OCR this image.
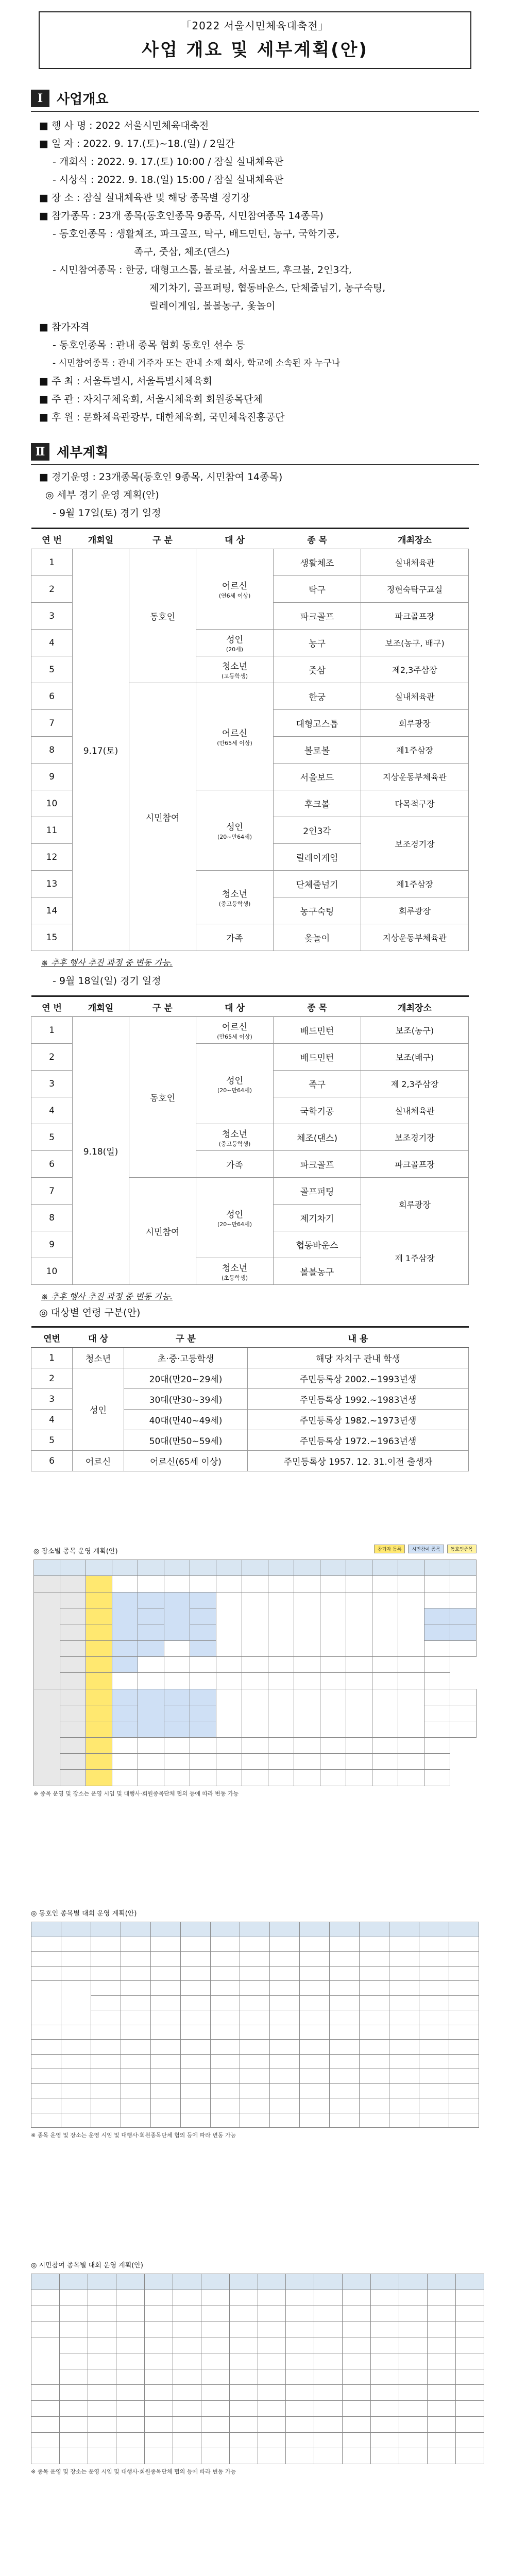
「2022 서울시민체육대축전」
사업 개요 및 세부계획(안)
Ⅰ	사업개요
■ 행 사 명 : 2022 서울시민체육대축전
■ 일 자 : 2022. 9. 17.(토)~18.(일) / 2일간
- 개회식 : 2022. 9. 17.(토) 10:00 / 잠실 실내체육관
- 시상식 : 2022. 9. 18.(일) 15:00 / 잠실 실내체육관
■ 장 소 : 잠실 실내체육관 및 해당 종목별 경기장
■ 참가종목 : 23개 종목(동호인종목 9종목, 시민참여종목 14종목)
- 동호인종목 : 생활체조, 파크골프, 탁구, 배드민턴, 농구, 국학기공,
족구, 줏삼, 체조(댄스)
- 시민참여종목 : 한궁, 대형고스톱, 볼로볼, 서울보드, 후크볼, 2인3각,
제기차기, 골프퍼팅, 협동바운스, 단체줄넘기, 농구숙팅,
릴레이게임, 볼볼농구, 옻놀이
■ 참가자격
- 동호인종목 : 관내 종목 협회 동호인 선수 등
- 시민참여종목 : 관내 거주자 또는 관내 소재 회사, 학교에 소속된 자 누구나
■ 주 최 : 서울특별시, 서울특별시체육회
■ 주 관 : 자치구체육회, 서울시체육회 회원종목단체
■ 후 원 : 문화체육관광부, 대한체육회, 국민체육진흥공단
Ⅱ 세부계획
■ 경기운영 : 23개종목(동호인 9종목, 시민참여 14종목)
◎ 세부 경기 운영 계획(안)
- 9월 17일(토) 경기 일정
연 번	개회일	구 분	대 상	종 목	개최장소
1	9.17(토)	동호인	어르신
(연6세 이상)	생활체조	실내체육관
2				탁구	정현숙탁구교실
3				파크골프	파크골프장
4			성인
(20세)	농구	보조(농구, 배구)
5			청소년
(고등학생)	줏삼	제2,3주삼장
6		시민참여	어르신
(만65세 이상)	한궁	실내체육관
7				대형고스톱	회루광장
8				볼로볼	제1주삼장
9				서울보드	지상운동부체육관
10			성인
(20~만64세)	후크볼	다목적구장
11				2인3각	보조경기장
12				릴레이게임	
13			청소년
(중고등학생)	단체줄넘기	제1주삼장
14				농구숙팅	회루광장
15			가족	옻놀이	지상운동부체육관
※ 추후 행사 추진 과정 중 변동 가능.
- 9월 18일(일) 경기 일정
연 번	개회일	구 분	대 상	종 목	개최장소
1	9.18(일)	동호인	어르신
(만65세 이상)	배드민턴	보조(농구)
2			성인
(20~만64세)	배드민턴	보조(배구)
3				족구	제 2,3주삼장
4				국학기공	실내체육관
5			청소년
(중고등학생)	체조(댄스)	보조경기장
6			가족	파크골프	파크골프장
7		시민참여	성인
(20~만64세)	골프퍼팅	회루광장
8				제기차기	
9				협동바운스	제 1주삼장
10			청소년
(초등학생)	볼볼농구	
※ 추후 행사 추진 과정 중 변동 가능.
◎ 대상별 연령 구분(안)
연번	대 상	구 분	내 용
1	청소년	초·중·고등학생	해당 자치구 관내 학생
2	성인	20대(만20~29세)	주민등록상 2002.~1993년생
3		30대(만30~39세)	주민등록상 1992.~1983년생
4		40대(만40~49세)	주민등록상 1982.~1973년생
5		50대(만50~59세)	주민등록상 1972.~1963년생
6	어르신	어르신(65세 이상)	주민등록상 1957. 12. 31.이전 출생자
◎ 장소별 종목 운영 계획(안)	참가자 등록	시민참여 종목	동호인종목

※ 종목 운영 및 장소는 운영 시임 및 대행사·회원종목단체 협의 등에 따라 변동 가능
◎ 동호인 종목별 대회 운영 계획(안)

※ 종목 운영 및 장소는 운영 시임 및 대행사·회원종목단체 협의 등에 따라 변동 가능
◎ 시민참여 종목별 대회 운영 계획(안)

※ 종목 운영 및 장소는 운영 시임 및 대행사·회원종목단체 협의 등에 따라 변동 가능
